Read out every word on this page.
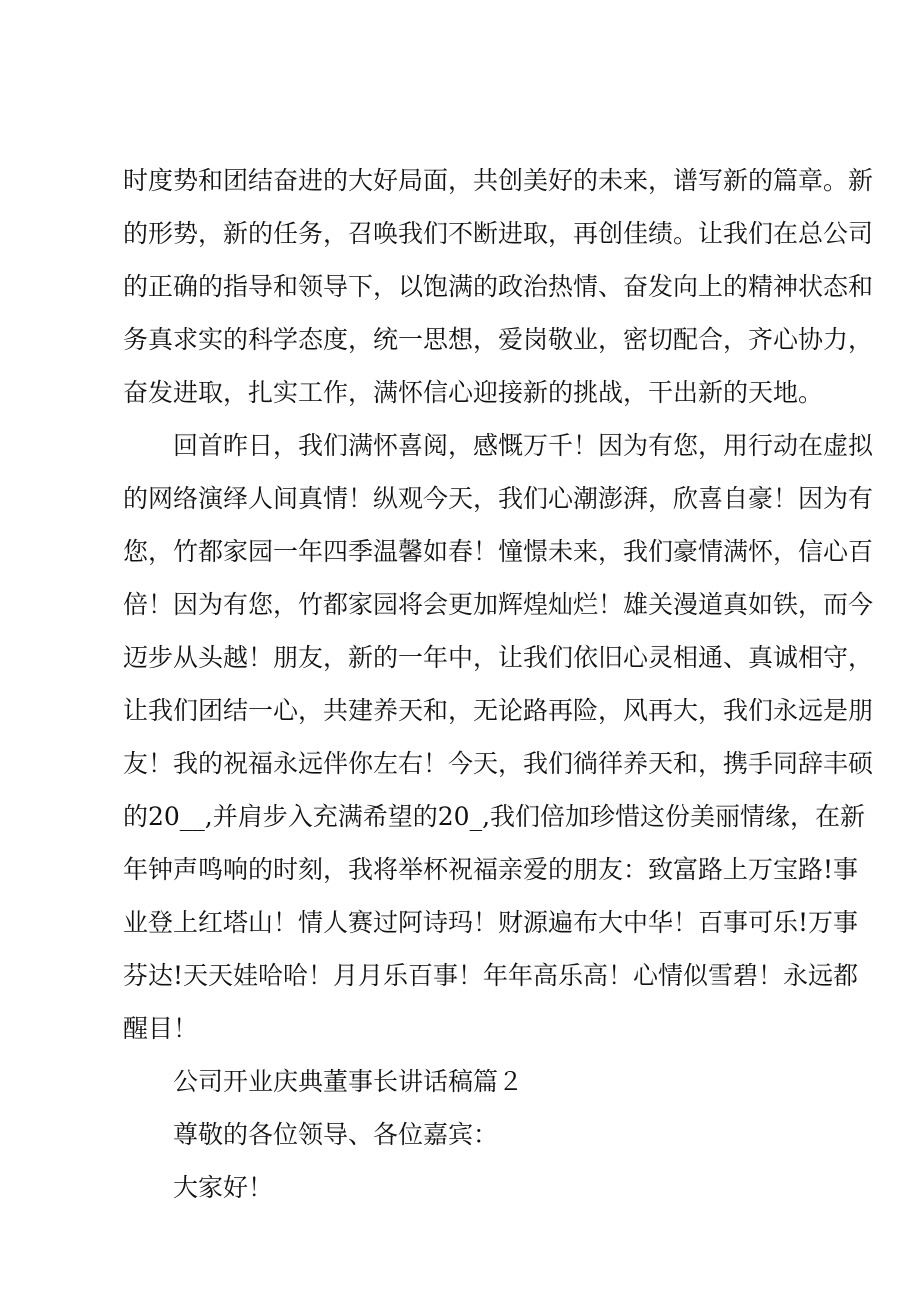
时度势和团结奋进的大好局面，共创美好的未来，谱写新的篇章。新

的形势，新的任务，召唤我们不断进取，再创佳绩。让我们在总公司

的正确的指导和领导下，以饱满的政治热情、奋发向上的精神状态和

务真求实的科学态度，统一思想，爱岗敬业，密切配合，齐心协力，

奋发进取，扎实工作，满怀信心迎接新的挑战，干出新的天地。

回首昨日，我们满怀喜阅，感慨万千！因为有您，用行动在虚拟

的网络演绎人间真情！纵观今天，我们心潮澎湃，欣喜自豪！因为有

您，竹都家园一年四季温馨如春！憧憬未来，我们豪情满怀，信心百

倍！因为有您，竹都家园将会更加辉煌灿烂！雄关漫道真如铁，而今

迈步从头越！朋友，新的一年中，让我们依旧心灵相通、真诚相守，

让我们团结一心，共建养天和，无论路再险，风再大，我们永远是朋

友！我的祝福永远伴你左右！今天，我们徜徉养天和，携手同辞丰硕

的20__,并肩步入充满希望的20_,我们倍加珍惜这份美丽情缘，在新

年钟声鸣响的时刻，我将举杯祝福亲爱的朋友：致富路上万宝路!事

业登上红塔山！情人赛过阿诗玛！财源遍布大中华！百事可乐!万事

芬达!天天娃哈哈！月月乐百事！年年高乐高！心情似雪碧！永远都

醒目！

公司开业庆典董事长讲话稿篇２

尊敬的各位领导、各位嘉宾：

大家好！
